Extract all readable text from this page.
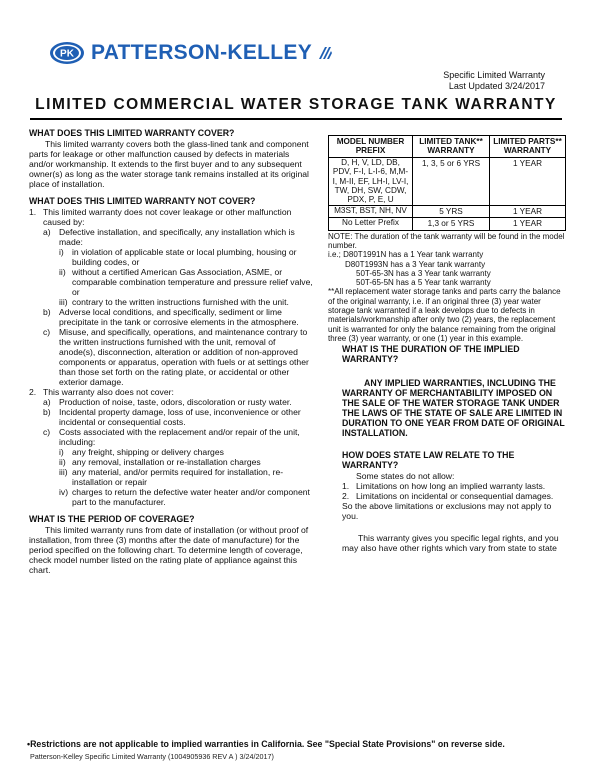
PK PATTERSON-KELLEY
Specific Limited Warranty
Last Updated 3/24/2017
LIMITED COMMERCIAL WATER STORAGE TANK WARRANTY
WHAT DOES THIS LIMITED WARRANTY COVER?

This limited warranty covers both the glass-lined tank and component parts for leakage or other malfunction caused by defects in materials and/or workmanship. It extends to the first buyer and to any subsequent owner(s) as long as the water storage tank remains installed at its original place of installation.

WHAT DOES THIS LIMITED WARRANTY NOT COVER?
1. This limited warranty does not cover leakage or other malfunction caused by:
a) Defective installation, and specifically, any installation which is made:
i) in violation of applicable state or local plumbing, housing or building codes, or
ii) without a certified American Gas Association, ASME, or comparable combination temperature and pressure relief valve, or
iii) contrary to the written instructions furnished with the unit.
b) Adverse local conditions, and specifically, sediment or lime precipitate in the tank or corrosive elements in the atmosphere.
c)	Misuse, and specifically, operations, and maintenance contrary to the written instructions furnished with the unit, removal of anode(s), disconnection, alteration or addition of non-approved components or apparatus, operation with fuels or at settings other than those set forth on the rating plate, or accidental or other exterior damage.
2. This warranty also does not cover:
a) Production of noise, taste, odors, discoloration or rusty water.
b) Incidental property damage, loss of use, inconvenience or other incidental or consequential costs.
c)	Costs associated with the replacement and/or repair of the unit, including:
i) any freight, shipping or delivery charges
ii) any removal, installation or re-installation charges
iii) any material, and/or permits required for installation, re-installation or repair
iv) charges to return the defective water heater and/or component part to the manufacturer.
WHAT IS THE PERIOD OF COVERAGE?

This limited warranty runs from date of installation (or without proof of installation, from three (3) months after the date of manufacture) for the period specified on the following chart. To determine length of coverage, check model number listed on the rating plate of appliance against this chart.

MODEL NUMBER PREFIX	LIMITED TANK** WARRANTY	LIMITED PARTS** WARRANTY
D, H, V, LD, DB, PDV, F-I, L-I-6, M,M-I, M-II, EF, LH-I, LV-I, TW, DH, SW, CDW, PDX, P, E, U	1, 3, 5 or 6 YRS	1 YEAR
M3ST, BST, NH, NV	5 YRS	1 YEAR
No Letter Prefix	1,3 or 5 YRS	1 YEAR
NOTE: The duration of the tank warranty will be found in the model number.
i.e.; D80T1991N has a 1 Year tank warranty
D80T1993N has a 3 Year tank warranty
50T-65-3N has a 3 Year tank warranty
50T-65-5N has a 5 Year tank warranty
**All replacement water storage tanks and parts carry the balance of the original warranty, i.e. if an original three (3) year water storage tank warranted if a leak develops due to defects in materials/workmanship after only two (2) years, the replacement unit is warranted for only the balance remaining from the original three (3) year warranty, or one (1) year in this example.
WHAT IS THE DURATION OF THE IMPLIED WARRANTY?
ANY IMPLIED WARRANTIES, INCLUDING THE WARRANTY OF MERCHANTABILITY IMPOSED ON THE SALE OF THE WATER STORAGE TANK UNDER THE LAWS OF THE STATE OF SALE ARE LIMITED IN DURATION TO ONE YEAR FROM DATE OF ORIGINAL INSTALLATION.
HOW DOES STATE LAW RELATE TO THE WARRANTY?

Some states do not allow:

1. Limitations on how long an implied warranty lasts.
2. Limitations on incidental or consequential damages.

So the above limitations or exclusions may not apply to you.

This warranty gives you specific legal rights, and you may also have other rights which vary from state to state

•Restrictions are not applicable to implied warranties in California. See "Special State Provisions" on reverse side.
Patterson-Kelley Specific Limited Warranty (1004905936 REV A ) 3/24/2017)
